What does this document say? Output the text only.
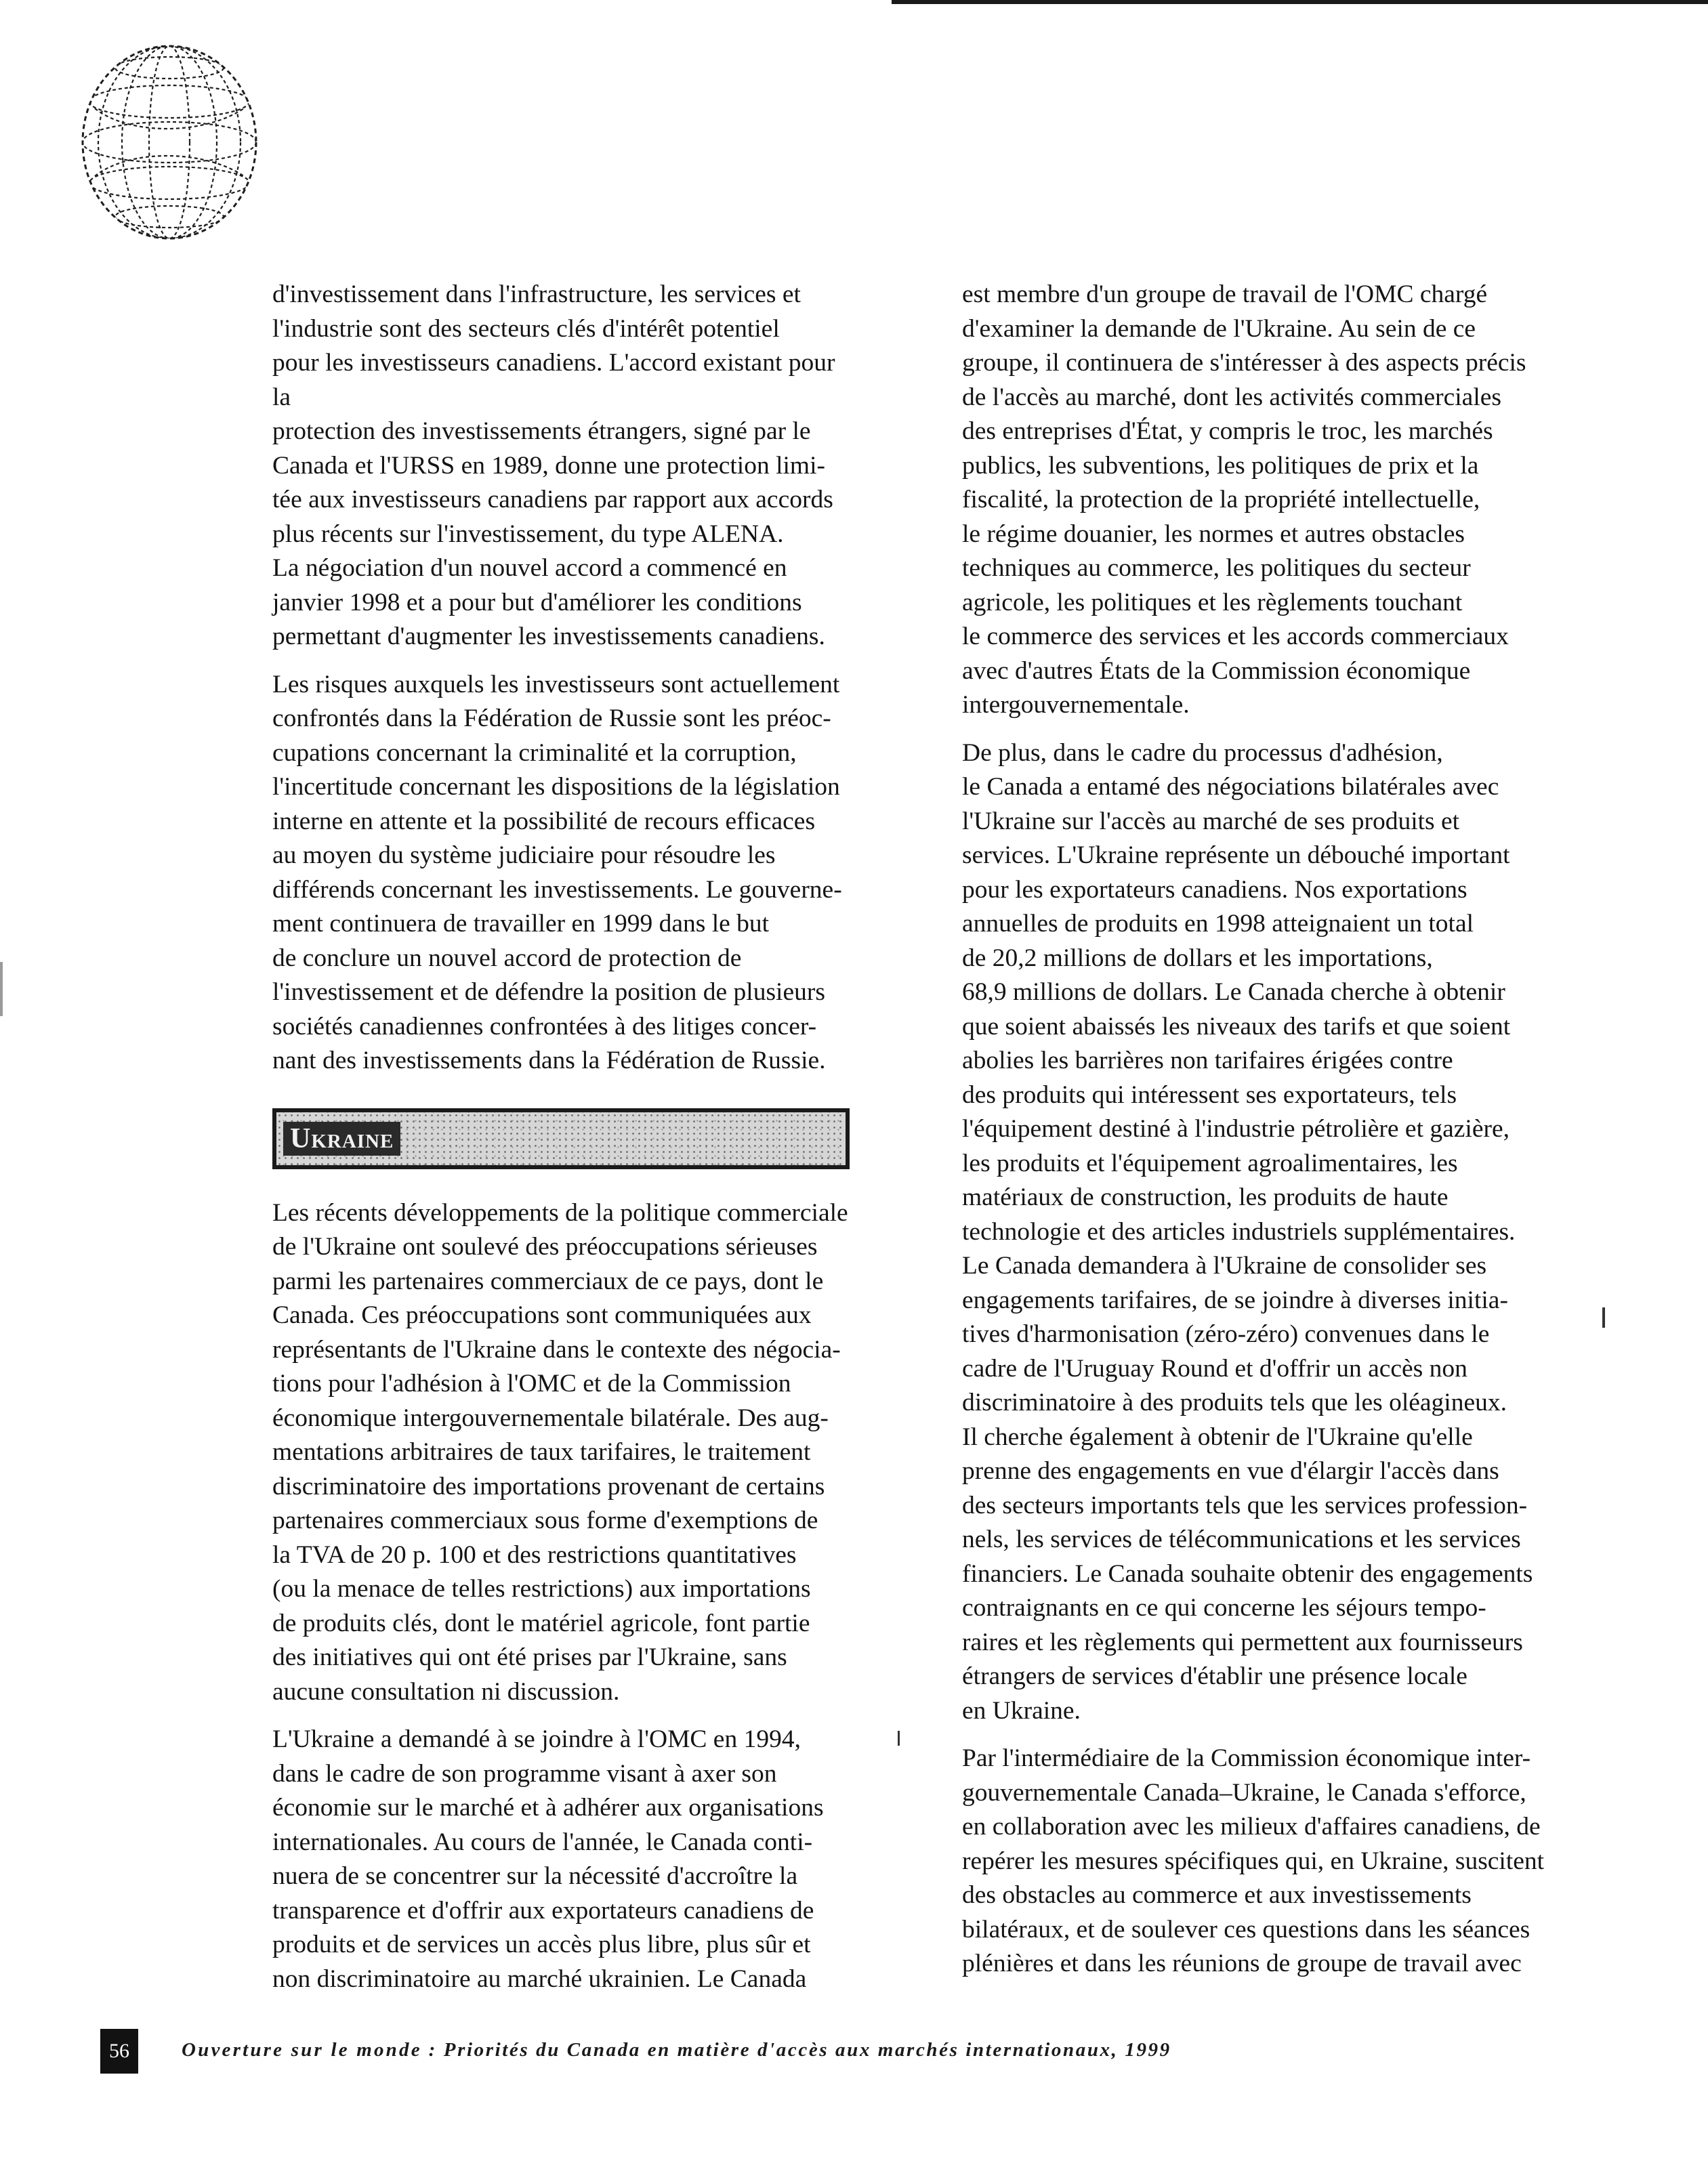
d'investissement dans l'infrastructure, les services et
l'industrie sont des secteurs clés d'intérêt potentiel
pour les investisseurs canadiens. L'accord existant pour la
protection des investissements étrangers, signé par le
Canada et l'URSS en 1989, donne une protection limi-
tée aux investisseurs canadiens par rapport aux accords
plus récents sur l'investissement, du type ALENA.
La négociation d'un nouvel accord a commencé en
janvier 1998 et a pour but d'améliorer les conditions
permettant d'augmenter les investissements canadiens.

Les risques auxquels les investisseurs sont actuellement
confrontés dans la Fédération de Russie sont les préoc-
cupations concernant la criminalité et la corruption,
l'incertitude concernant les dispositions de la législation
interne en attente et la possibilité de recours efficaces
au moyen du système judiciaire pour résoudre les
différends concernant les investissements. Le gouverne-
ment continuera de travailler en 1999 dans le but
de conclure un nouvel accord de protection de
l'investissement et de défendre la position de plusieurs
sociétés canadiennes confrontées à des litiges concer-
nant des investissements dans la Fédération de Russie.

Ukraine

Les récents développements de la politique commerciale
de l'Ukraine ont soulevé des préoccupations sérieuses
parmi les partenaires commerciaux de ce pays, dont le
Canada. Ces préoccupations sont communiquées aux
représentants de l'Ukraine dans le contexte des négocia-
tions pour l'adhésion à l'OMC et de la Commission
économique intergouvernementale bilatérale. Des aug-
mentations arbitraires de taux tarifaires, le traitement
discriminatoire des importations provenant de certains
partenaires commerciaux sous forme d'exemptions de
la TVA de 20 p. 100 et des restrictions quantitatives
(ou la menace de telles restrictions) aux importations
de produits clés, dont le matériel agricole, font partie
des initiatives qui ont été prises par l'Ukraine, sans
aucune consultation ni discussion.

L'Ukraine a demandé à se joindre à l'OMC en 1994,
dans le cadre de son programme visant à axer son
économie sur le marché et à adhérer aux organisations
internationales. Au cours de l'année, le Canada conti-
nuera de se concentrer sur la nécessité d'accroître la
transparence et d'offrir aux exportateurs canadiens de
produits et de services un accès plus libre, plus sûr et
non discriminatoire au marché ukrainien. Le Canada

est membre d'un groupe de travail de l'OMC chargé
d'examiner la demande de l'Ukraine. Au sein de ce
groupe, il continuera de s'intéresser à des aspects précis
de l'accès au marché, dont les activités commerciales
des entreprises d'État, y compris le troc, les marchés
publics, les subventions, les politiques de prix et la
fiscalité, la protection de la propriété intellectuelle,
le régime douanier, les normes et autres obstacles
techniques au commerce, les politiques du secteur
agricole, les politiques et les règlements touchant
le commerce des services et les accords commerciaux
avec d'autres États de la Commission économique
intergouvernementale.

De plus, dans le cadre du processus d'adhésion,
le Canada a entamé des négociations bilatérales avec
l'Ukraine sur l'accès au marché de ses produits et
services. L'Ukraine représente un débouché important
pour les exportateurs canadiens. Nos exportations
annuelles de produits en 1998 atteignaient un total
de 20,2 millions de dollars et les importations,
68,9 millions de dollars. Le Canada cherche à obtenir
que soient abaissés les niveaux des tarifs et que soient
abolies les barrières non tarifaires érigées contre
des produits qui intéressent ses exportateurs, tels
l'équipement destiné à l'industrie pétrolière et gazière,
les produits et l'équipement agroalimentaires, les
matériaux de construction, les produits de haute
technologie et des articles industriels supplémentaires.
Le Canada demandera à l'Ukraine de consolider ses
engagements tarifaires, de se joindre à diverses initia-
tives d'harmonisation (zéro-zéro) convenues dans le
cadre de l'Uruguay Round et d'offrir un accès non
discriminatoire à des produits tels que les oléagineux.
Il cherche également à obtenir de l'Ukraine qu'elle
prenne des engagements en vue d'élargir l'accès dans
des secteurs importants tels que les services profession-
nels, les services de télécommunications et les services
financiers. Le Canada souhaite obtenir des engagements
contraignants en ce qui concerne les séjours tempo-
raires et les règlements qui permettent aux fournisseurs
étrangers de services d'établir une présence locale
en Ukraine.

Par l'intermédiaire de la Commission économique inter-
gouvernementale Canada–Ukraine, le Canada s'efforce,
en collaboration avec les milieux d'affaires canadiens, de
repérer les mesures spécifiques qui, en Ukraine, suscitent
des obstacles au commerce et aux investissements
bilatéraux, et de soulever ces questions dans les séances
plénières et dans les réunions de groupe de travail avec

56	Ouverture sur le monde : Priorités du Canada en matière d'accès aux marchés internationaux, 1999
